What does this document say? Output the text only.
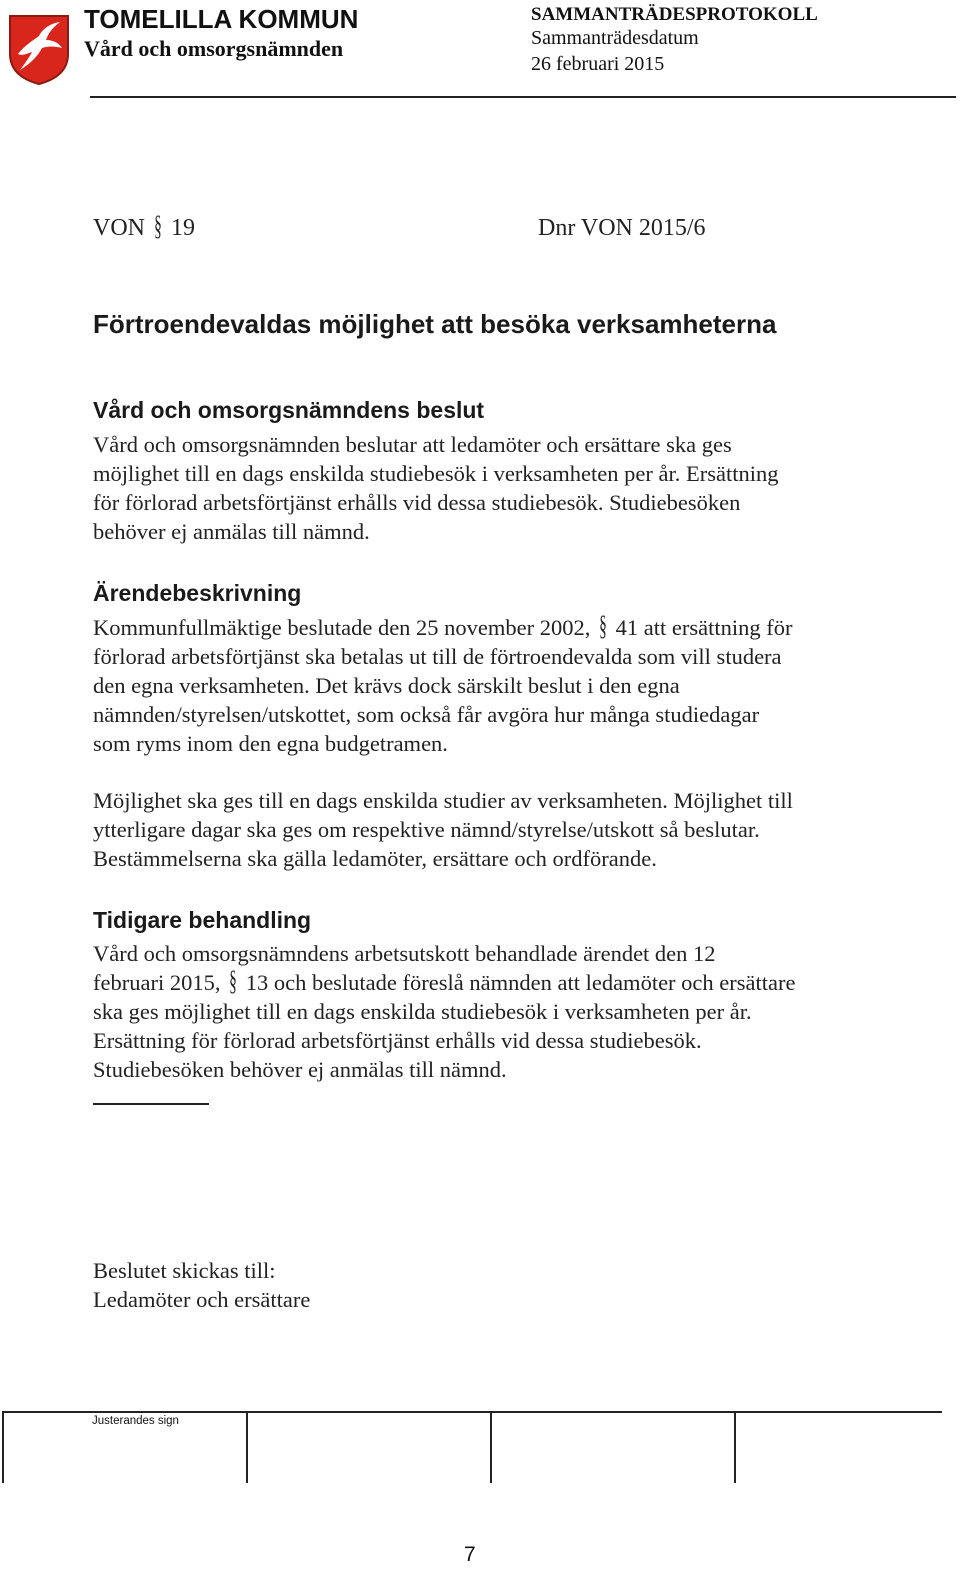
TOMELILLA KOMMUN
Vård och omsorgsnämnden
SAMMANTRÄDESPROTOKOLL
Sammanträdesdatum
26 februari 2015
VON § 19	Dnr VON 2015/6
Förtroendevaldas möjlighet att besöka verksamheterna
Vård och omsorgsnämndens beslut
Vård och omsorgsnämnden beslutar att ledamöter och ersättare ska ges
möjlighet till en dags enskilda studiebesök i verksamheten per år. Ersättning
för förlorad arbetsförtjänst erhålls vid dessa studiebesök. Studiebesöken
behöver ej anmälas till nämnd.
Ärendebeskrivning
Kommunfullmäktige beslutade den 25 november 2002, § 41 att ersättning för
förlorad arbetsförtjänst ska betalas ut till de förtroendevalda som vill studera
den egna verksamheten. Det krävs dock särskilt beslut i den egna
nämnden/styrelsen/utskottet, som också får avgöra hur många studiedagar
som ryms inom den egna budgetramen.
Möjlighet ska ges till en dags enskilda studier av verksamheten. Möjlighet till
ytterligare dagar ska ges om respektive nämnd/styrelse/utskott så beslutar.
Bestämmelserna ska gälla ledamöter, ersättare och ordförande.
Tidigare behandling
Vård och omsorgsnämndens arbetsutskott behandlade ärendet den 12
februari 2015, § 13 och beslutade föreslå nämnden att ledamöter och ersättare
ska ges möjlighet till en dags enskilda studiebesök i verksamheten per år.
Ersättning för förlorad arbetsförtjänst erhålls vid dessa studiebesök.
Studiebesöken behöver ej anmälas till nämnd.
Beslutet skickas till:
Ledamöter och ersättare
Justerandes sign
7
